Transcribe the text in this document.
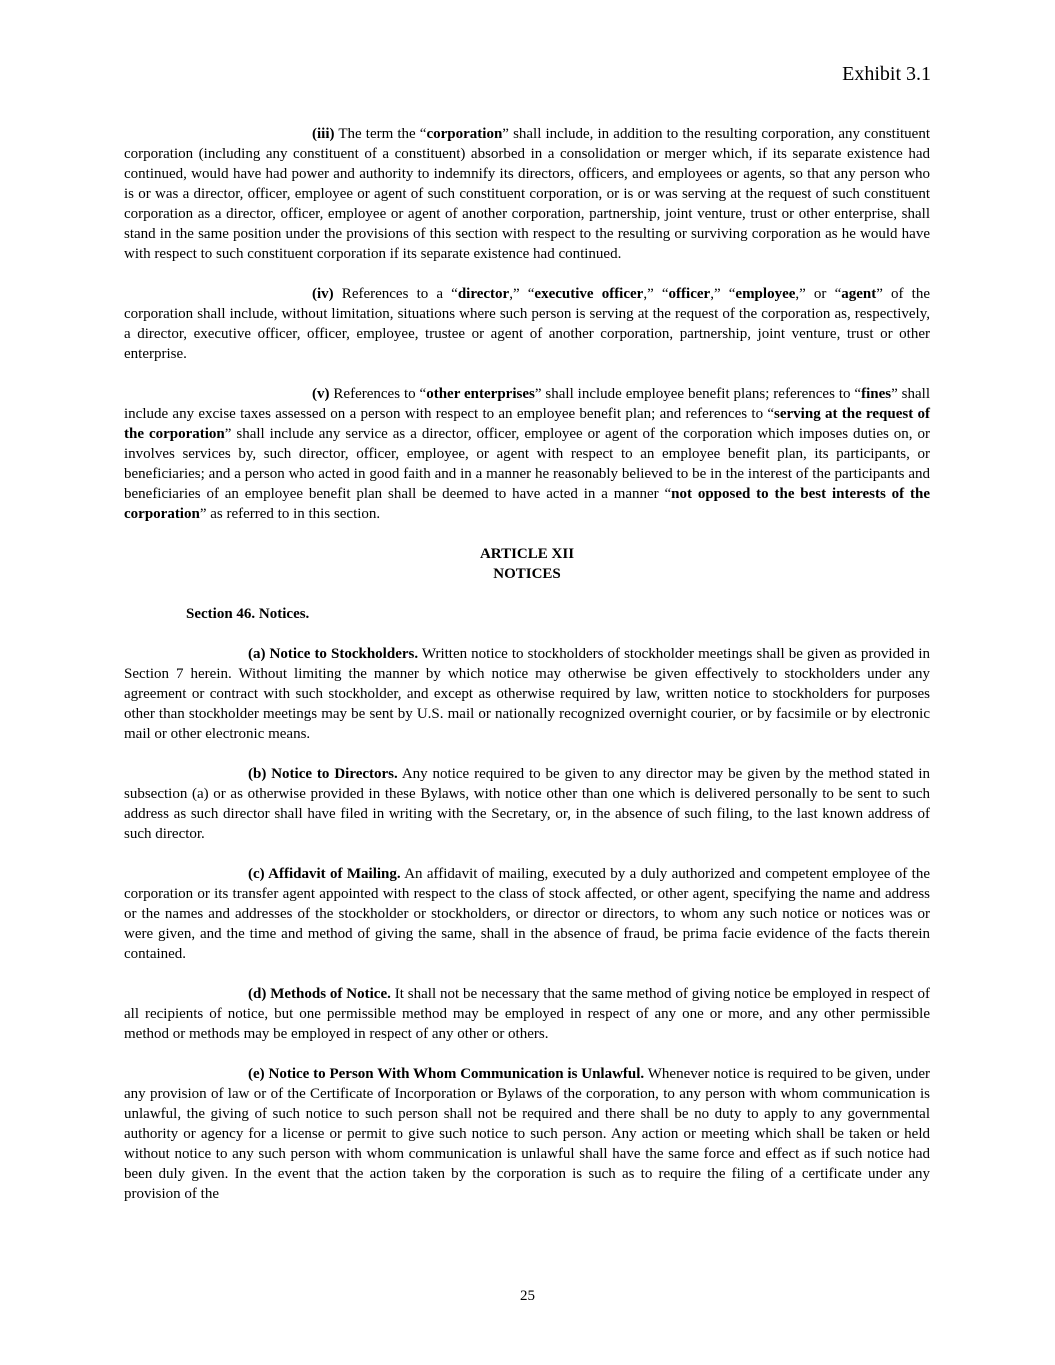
Exhibit 3.1

(iii) The term the “corporation” shall include, in addition to the resulting corporation, any constituent corporation (including any constituent of a constituent) absorbed in a consolidation or merger which, if its separate existence had continued, would have had power and authority to indemnify its directors, officers, and employees or agents, so that any person who is or was a director, officer, employee or agent of such constituent corporation, or is or was serving at the request of such constituent corporation as a director, officer, employee or agent of another corporation, partnership, joint venture, trust or other enterprise, shall stand in the same position under the provisions of this section with respect to the resulting or surviving corporation as he would have with respect to such constituent corporation if its separate existence had continued.

(iv) References to a “director,” “executive officer,” “officer,” “employee,” or “agent” of the corporation shall include, without limitation, situations where such person is serving at the request of the corporation as, respectively, a director, executive officer, officer, employee, trustee or agent of another corporation, partnership, joint venture, trust or other enterprise.

(v) References to “other enterprises” shall include employee benefit plans; references to “fines” shall include any excise taxes assessed on a person with respect to an employee benefit plan; and references to “serving at the request of the corporation” shall include any service as a director, officer, employee or agent of the corporation which imposes duties on, or involves services by, such director, officer, employee, or agent with respect to an employee benefit plan, its participants, or beneficiaries; and a person who acted in good faith and in a manner he reasonably believed to be in the interest of the participants and beneficiaries of an employee benefit plan shall be deemed to have acted in a manner “not opposed to the best interests of the corporation” as referred to in this section.

ARTICLE XII
NOTICES
Section 46. Notices.

(a) Notice to Stockholders. Written notice to stockholders of stockholder meetings shall be given as provided in Section 7 herein. Without limiting the manner by which notice may otherwise be given effectively to stockholders under any agreement or contract with such stockholder, and except as otherwise required by law, written notice to stockholders for purposes other than stockholder meetings may be sent by U.S. mail or nationally recognized overnight courier, or by facsimile or by electronic mail or other electronic means.

(b) Notice to Directors. Any notice required to be given to any director may be given by the method stated in subsection (a) or as otherwise provided in these Bylaws, with notice other than one which is delivered personally to be sent to such address as such director shall have filed in writing with the Secretary, or, in the absence of such filing, to the last known address of such director.

(c) Affidavit of Mailing. An affidavit of mailing, executed by a duly authorized and competent employee of the corporation or its transfer agent appointed with respect to the class of stock affected, or other agent, specifying the name and address or the names and addresses of the stockholder or stockholders, or director or directors, to whom any such notice or notices was or were given, and the time and method of giving the same, shall in the absence of fraud, be prima facie evidence of the facts therein contained.

(d) Methods of Notice. It shall not be necessary that the same method of giving notice be employed in respect of all recipients of notice, but one permissible method may be employed in respect of any one or more, and any other permissible method or methods may be employed in respect of any other or others.

(e) Notice to Person With Whom Communication is Unlawful. Whenever notice is required to be given, under any provision of law or of the Certificate of Incorporation or Bylaws of the corporation, to any person with whom communication is unlawful, the giving of such notice to such person shall not be required and there shall be no duty to apply to any governmental authority or agency for a license or permit to give such notice to such person. Any action or meeting which shall be taken or held without notice to any such person with whom communication is unlawful shall have the same force and effect as if such notice had been duly given. In the event that the action taken by the corporation is such as to require the filing of a certificate under any provision of the

25
